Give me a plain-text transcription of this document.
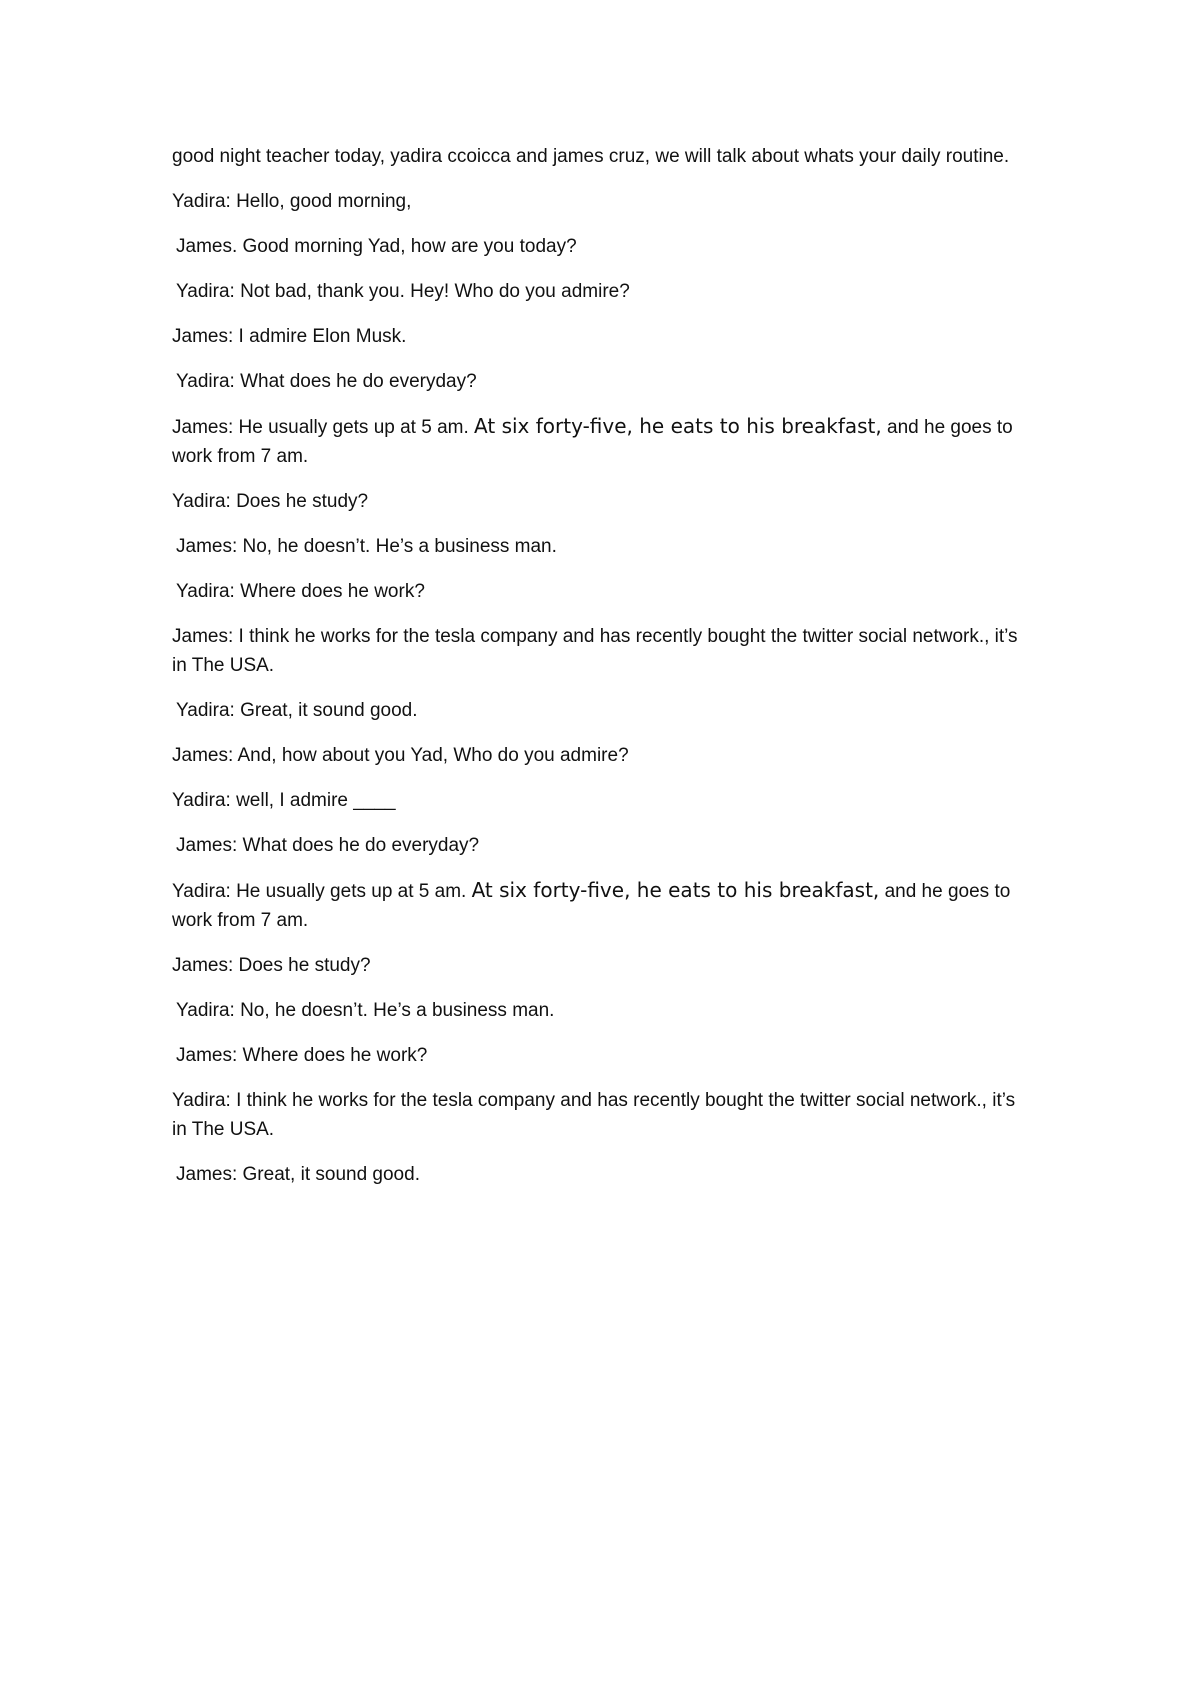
good night teacher today, yadira ccoicca and james cruz, we will talk about whats your daily routine.

Yadira: Hello, good morning,

James. Good morning Yad, how are you today?

Yadira: Not bad, thank you. Hey! Who do you admire?

James: I admire Elon Musk.

Yadira: What does he do everyday?

James: He usually gets up at 5 am. At six forty-five, he eats to his breakfast, and he goes to work from 7 am.

Yadira: Does he study?

James: No, he doesn’t. He’s a business man.

Yadira: Where does he work?

James: I think he works for the tesla company and has recently bought the twitter social network., it’s in The USA.

Yadira: Great, it sound good.

James: And, how about you Yad, Who do you admire?

Yadira: well, I admire ____

James: What does he do everyday?

Yadira: He usually gets up at 5 am. At six forty-five, he eats to his breakfast, and he goes to work from 7 am.

James: Does he study?

Yadira: No, he doesn’t. He’s a business man.

James: Where does he work?

Yadira: I think he works for the tesla company and has recently bought the twitter social network., it’s in The USA.

James: Great, it sound good.
